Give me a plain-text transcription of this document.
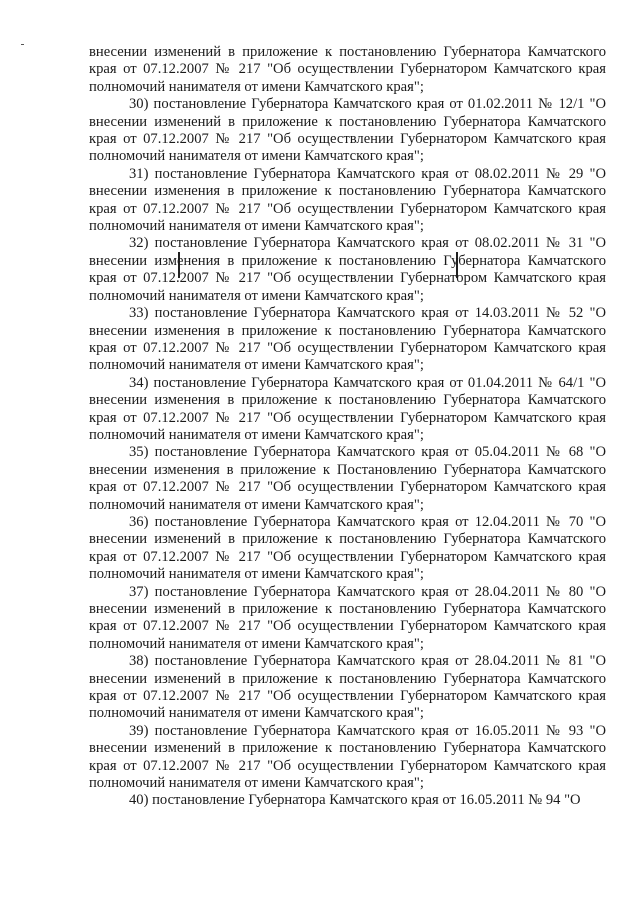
внесении изменений в приложение к постановлению Губернатора Камчатского края от 07.12.2007 № 217 "Об осуществлении Губернатором Камчатского края полномочий нанимателя от имени Камчатского края";

30) постановление Губернатора Камчатского края от 01.02.2011 № 12/1 "О внесении изменений в приложение к постановлению Губернатора Камчатского края от 07.12.2007 № 217 "Об осуществлении Губернатором Камчатского края полномочий нанимателя от имени Камчатского края";

31) постановление Губернатора Камчатского края от 08.02.2011 № 29 "О внесении изменения в приложение к постановлению Губернатора Камчатского края от 07.12.2007 № 217 "Об осуществлении Губернатором Камчатского края полномочий нанимателя от имени Камчатского края";

32) постановление Губернатора Камчатского края от 08.02.2011 № 31 "О внесении изменения в приложение к постановлению Губернатора Камчатского края от 07.12.2007 № 217 "Об осуществлении Губернатором Камчатского края полномочий нанимателя от имени Камчатского края";

33) постановление Губернатора Камчатского края от 14.03.2011 № 52 "О внесении изменения в приложение к постановлению Губернатора Камчатского края от 07.12.2007 № 217 "Об осуществлении Губернатором Камчатского края полномочий нанимателя от имени Камчатского края";

34) постановление Губернатора Камчатского края от 01.04.2011 № 64/1 "О внесении изменения в приложение к постановлению Губернатора Камчатского края от 07.12.2007 № 217 "Об осуществлении Губернатором Камчатского края полномочий нанимателя от имени Камчатского края";

35) постановление Губернатора Камчатского края от 05.04.2011 № 68 "О внесении изменения в приложение к Постановлению Губернатора Камчатского края от 07.12.2007 № 217 "Об осуществлении Губернатором Камчатского края полномочий нанимателя от имени Камчатского края";

36) постановление Губернатора Камчатского края от 12.04.2011 № 70 "О внесении изменений в приложение к постановлению Губернатора Камчатского края от 07.12.2007 № 217 "Об осуществлении Губернатором Камчатского края полномочий нанимателя от имени Камчатского края";

37) постановление Губернатора Камчатского края от 28.04.2011 № 80 "О внесении изменений в приложение к постановлению Губернатора Камчатского края от 07.12.2007 № 217 "Об осуществлении Губернатором Камчатского края полномочий нанимателя от имени Камчатского края";

38) постановление Губернатора Камчатского края от 28.04.2011 № 81 "О внесении изменений в приложение к постановлению Губернатора Камчатского края от 07.12.2007 № 217 "Об осуществлении Губернатором Камчатского края полномочий нанимателя от имени Камчатского края";

39) постановление Губернатора Камчатского края от 16.05.2011 № 93 "О внесении изменений в приложение к постановлению Губернатора Камчатского края от 07.12.2007 № 217 "Об осуществлении Губернатором Камчатского края полномочий нанимателя от имени Камчатского края";

40) постановление Губернатора Камчатского края от 16.05.2011 № 94 "О
